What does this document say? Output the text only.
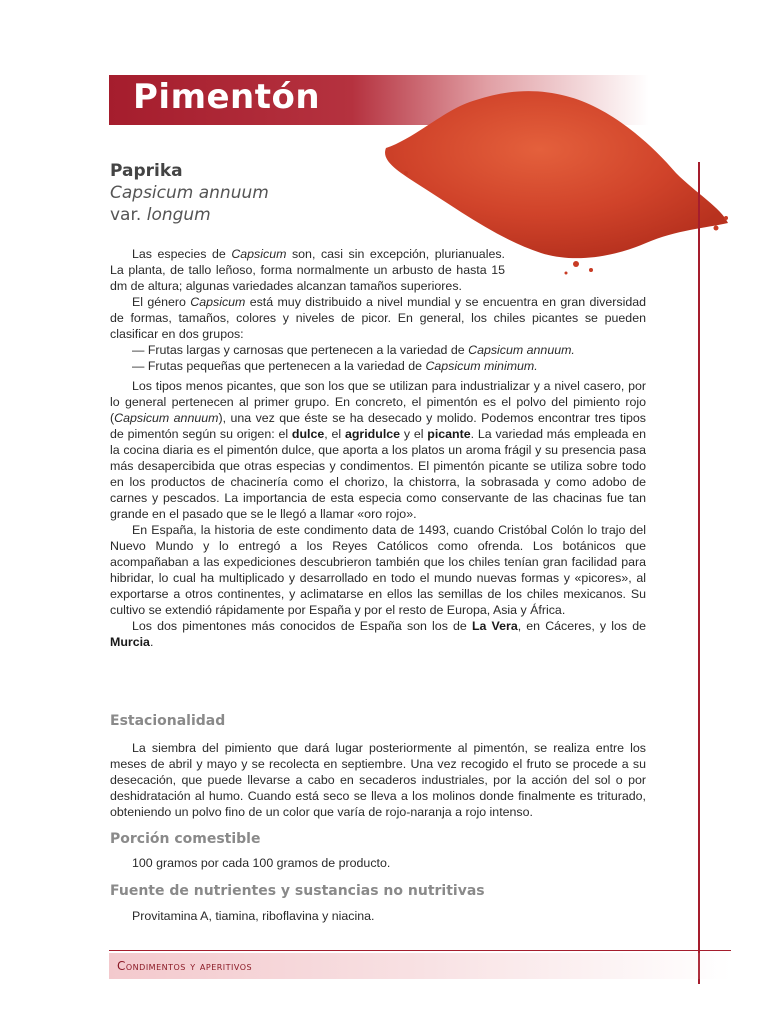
Pimentón
Paprika
Capsicum annuum
var. longum

Las especies de Capsicum son, casi sin excepción, plurianuales. La planta, de tallo leñoso, forma normalmente un arbusto de hasta 15 dm de altura; algunas variedades alcanzan tamaños superiores.

El género Capsicum está muy distribuido a nivel mundial y se encuentra en gran diversidad de formas, tamaños, colores y niveles de picor. En general, los chiles picantes se pueden clasificar en dos grupos:

— Frutas largas y carnosas que pertenecen a la variedad de Capsicum annuum.
— Frutas pequeñas que pertenecen a la variedad de Capsicum minimum.

Los tipos menos picantes, que son los que se utilizan para industrializar y a nivel casero, por lo general pertenecen al primer grupo. En concreto, el pimentón es el polvo del pimiento rojo (Capsicum annuum), una vez que éste se ha desecado y molido. Podemos encontrar tres tipos de pimentón según su origen: el dulce, el agridulce y el picante. La variedad más empleada en la cocina diaria es el pimentón dulce, que aporta a los platos un aroma frágil y su presencia pasa más desapercibida que otras especias y condimentos. El pimentón picante se utiliza sobre todo en los productos de chacinería como el chorizo, la chistorra, la sobrasada y como adobo de carnes y pescados. La importancia de esta especia como conservante de las chacinas fue tan grande en el pasado que se le llegó a llamar «oro rojo».

En España, la historia de este condimento data de 1493, cuando Cristóbal Colón lo trajo del Nuevo Mundo y lo entregó a los Reyes Católicos como ofrenda. Los botánicos que acompañaban a las expediciones descubrieron también que los chiles tenían gran facilidad para hibridar, lo cual ha multiplicado y desarrollado en todo el mundo nuevas formas y «picores», al exportarse a otros continentes, y aclimatarse en ellos las semillas de los chiles mexicanos. Su cultivo se extendió rápidamente por España y por el resto de Europa, Asia y África.

Los dos pimentones más conocidos de España son los de La Vera, en Cáceres, y los de Murcia.

Estacionalidad

La siembra del pimiento que dará lugar posteriormente al pimentón, se realiza entre los meses de abril y mayo y se recolecta en septiembre. Una vez recogido el fruto se procede a su desecación, que puede llevarse a cabo en secaderos industriales, por la acción del sol o por deshidratación al humo. Cuando está seco se lleva a los molinos donde finalmente es triturado, obteniendo un polvo fino de un color que varía de rojo-naranja a rojo intenso.

Porción comestible

100 gramos por cada 100 gramos de producto.

Fuente de nutrientes y sustancias no nutritivas

Provitamina A, tiamina, riboflavina y niacina.

Condimentos y aperitivos
